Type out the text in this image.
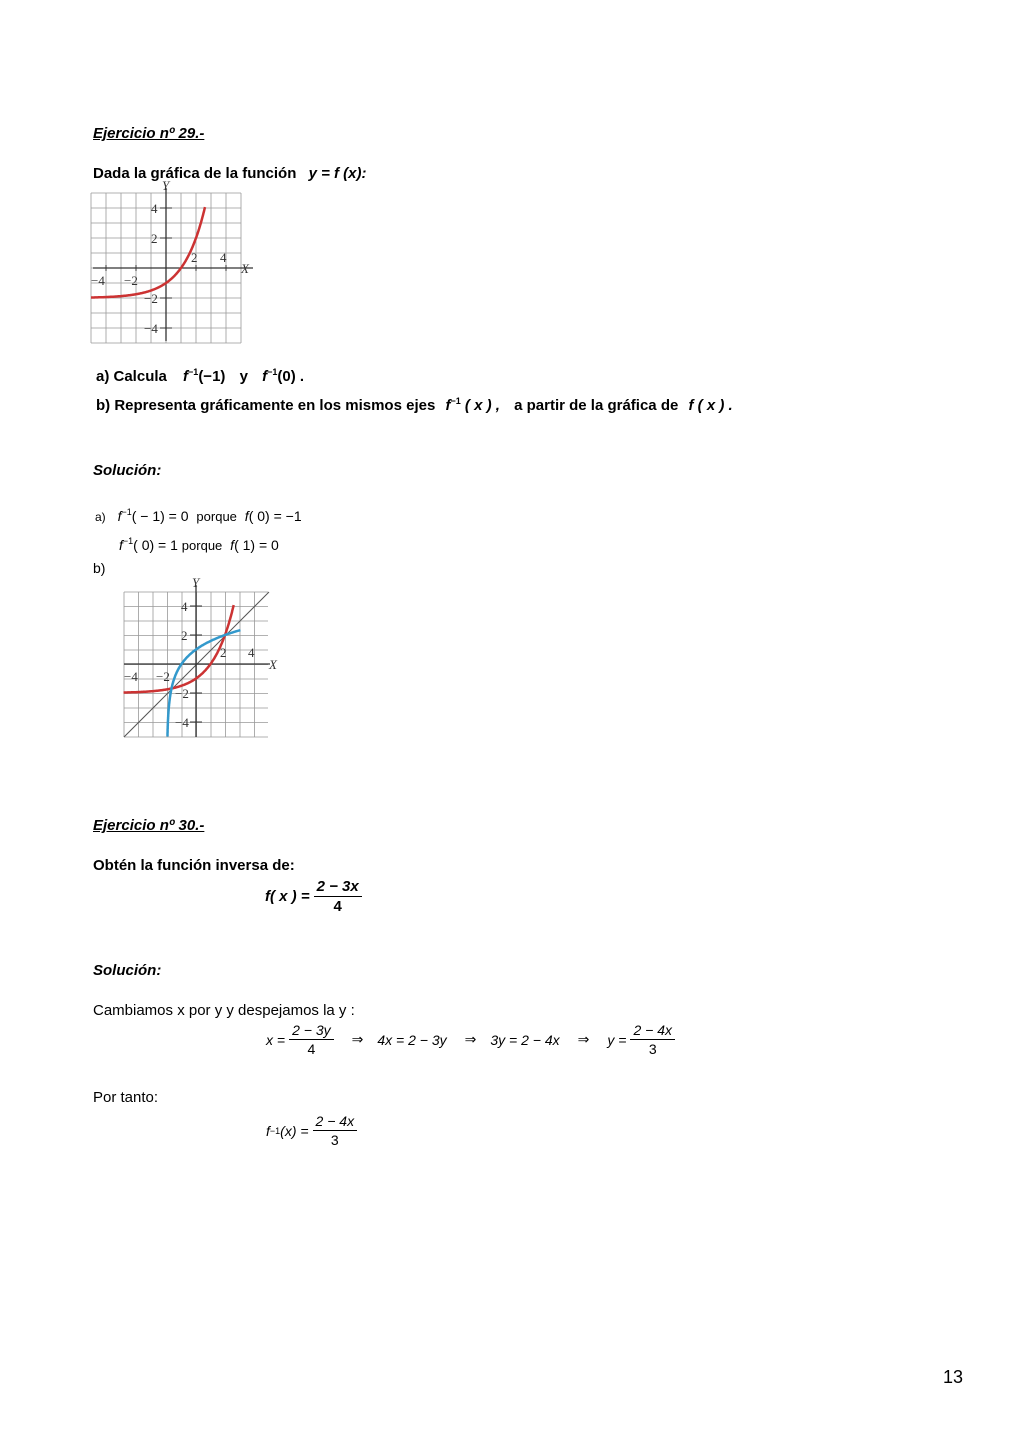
Ejercicio nº 29.-
Dada la gráfica de la función y = f (x):
Y
X
−4 −2
2 4
4
2
−2
−4
a) Calcula $f^{-1}(-1)$ y $f^{-1}(0)$ .
b) Representa gráficamente en los mismos ejes $f^{-1}$ ( x ) , a partir de la gráfica de f ( x ) .
Solución:
a) $f^{-1}( - 1) = 0$ porque f( 0) = −1
$f^{-1}$( 0) = 1 porque f( 1) = 0
b)
Y
X
−4 −2
2 4
4
2
−2
−4
Ejercicio nº 30.-
Obtén la función inversa de:
f( x ) = $\frac{2 - 3x}{4}$
Solución:
Cambiamos x por y y despejamos la y :
$x = \frac{2 - 3y}{4}$ ⇒ 4x = 2 − 3y ⇒ 3y = 2 − 4x ⇒ $y = \frac{2 - 4x}{3}$
Por tanto:
f −1 $(x) = \frac{2 - 4x}{3}$
13
